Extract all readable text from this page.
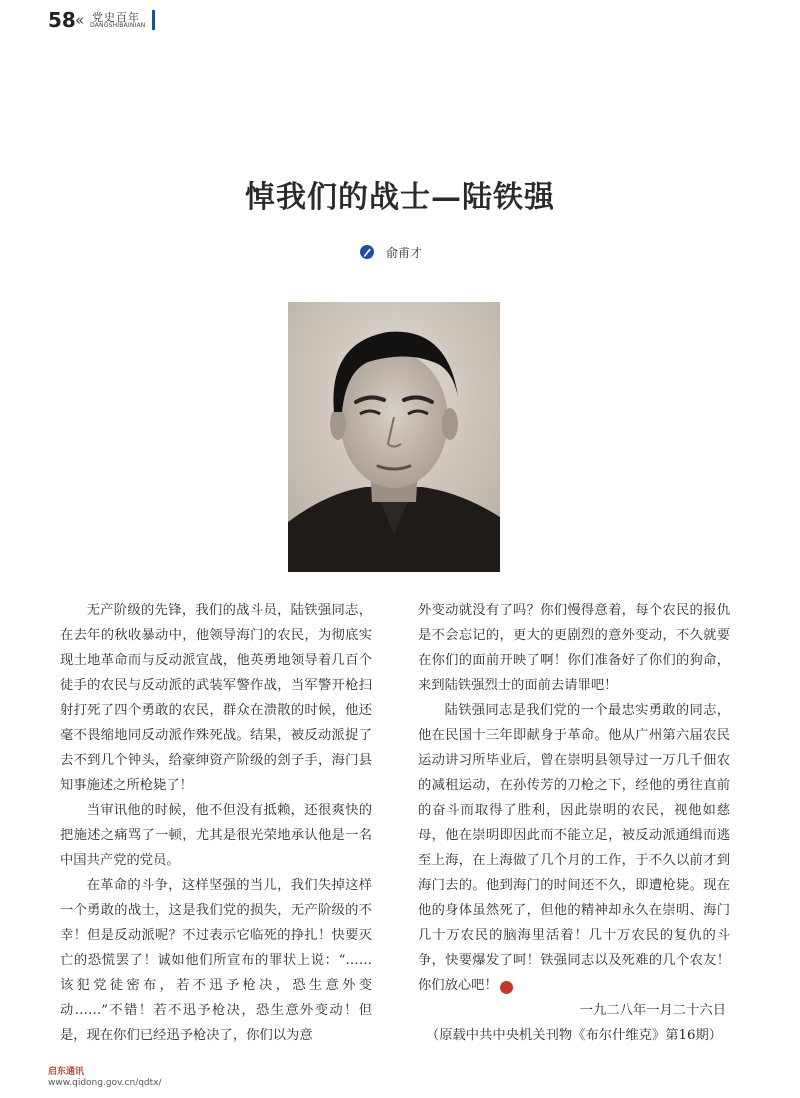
58 « 党史百年
DANGSHIBAINIAN
悼我们的战士—陆铁强
俞甫才

无产阶级的先锋，我们的战斗员，陆铁强同志，在去年的秋收暴动中，他领导海门的农民，为彻底实现土地革命而与反动派宣战，他英勇地领导着几百个徒手的农民与反动派的武装军警作战，当军警开枪扫射打死了四个勇敢的农民，群众在溃散的时候，他还毫不畏缩地同反动派作殊死战。结果，被反动派捉了去不到几个钟头，给豪绅资产阶级的刽子手，海门县知事施述之所枪毙了！

当审讯他的时候，他不但没有抵赖，还很爽快的把施述之痛骂了一顿，尤其是很光荣地承认他是一名中国共产党的党员。

在革命的斗争，这样坚强的当儿，我们失掉这样一个勇敢的战士，这是我们党的损失，无产阶级的不幸！但是反动派呢？不过表示它临死的挣扎！快要灭亡的恐慌罢了！诚如他们所宣布的罪状上说：“……该犯党徒密布，若不迅予枪决，恐生意外变动……”不错！若不迅予枪决，恐生意外变动！但是，现在你们已经迅予枪决了，你们以为意

外变动就没有了吗？你们慢得意着，每个农民的报仇是不会忘记的，更大的更剧烈的意外变动，不久就要在你们的面前开映了啊！你们准备好了你们的狗命，来到陆铁强烈士的面前去请罪吧！

陆铁强同志是我们党的一个最忠实勇敢的同志，他在民国十三年即献身于革命。他从广州第六届农民运动讲习所毕业后，曾在崇明县领导过一万几千佃农的减租运动，在孙传芳的刀枪之下，经他的勇往直前的奋斗而取得了胜利，因此崇明的农民，视他如慈母，他在崇明即因此而不能立足，被反动派通缉而逃至上海，在上海做了几个月的工作，于不久以前才到海门去的。他到海门的时间还不久，即遭枪毙。现在他的身体虽然死了，但他的精神却永久在崇明、海门几十万农民的脑海里活着！几十万农民的复仇的斗争，快要爆发了呵！铁强同志以及死难的几个农友！你们放心吧！	党

一九二八年一月二十六日

（原载中共中央机关刊物《布尔什维克》第16期）

启东通讯
www.qidong.gov.cn/qdtx/
